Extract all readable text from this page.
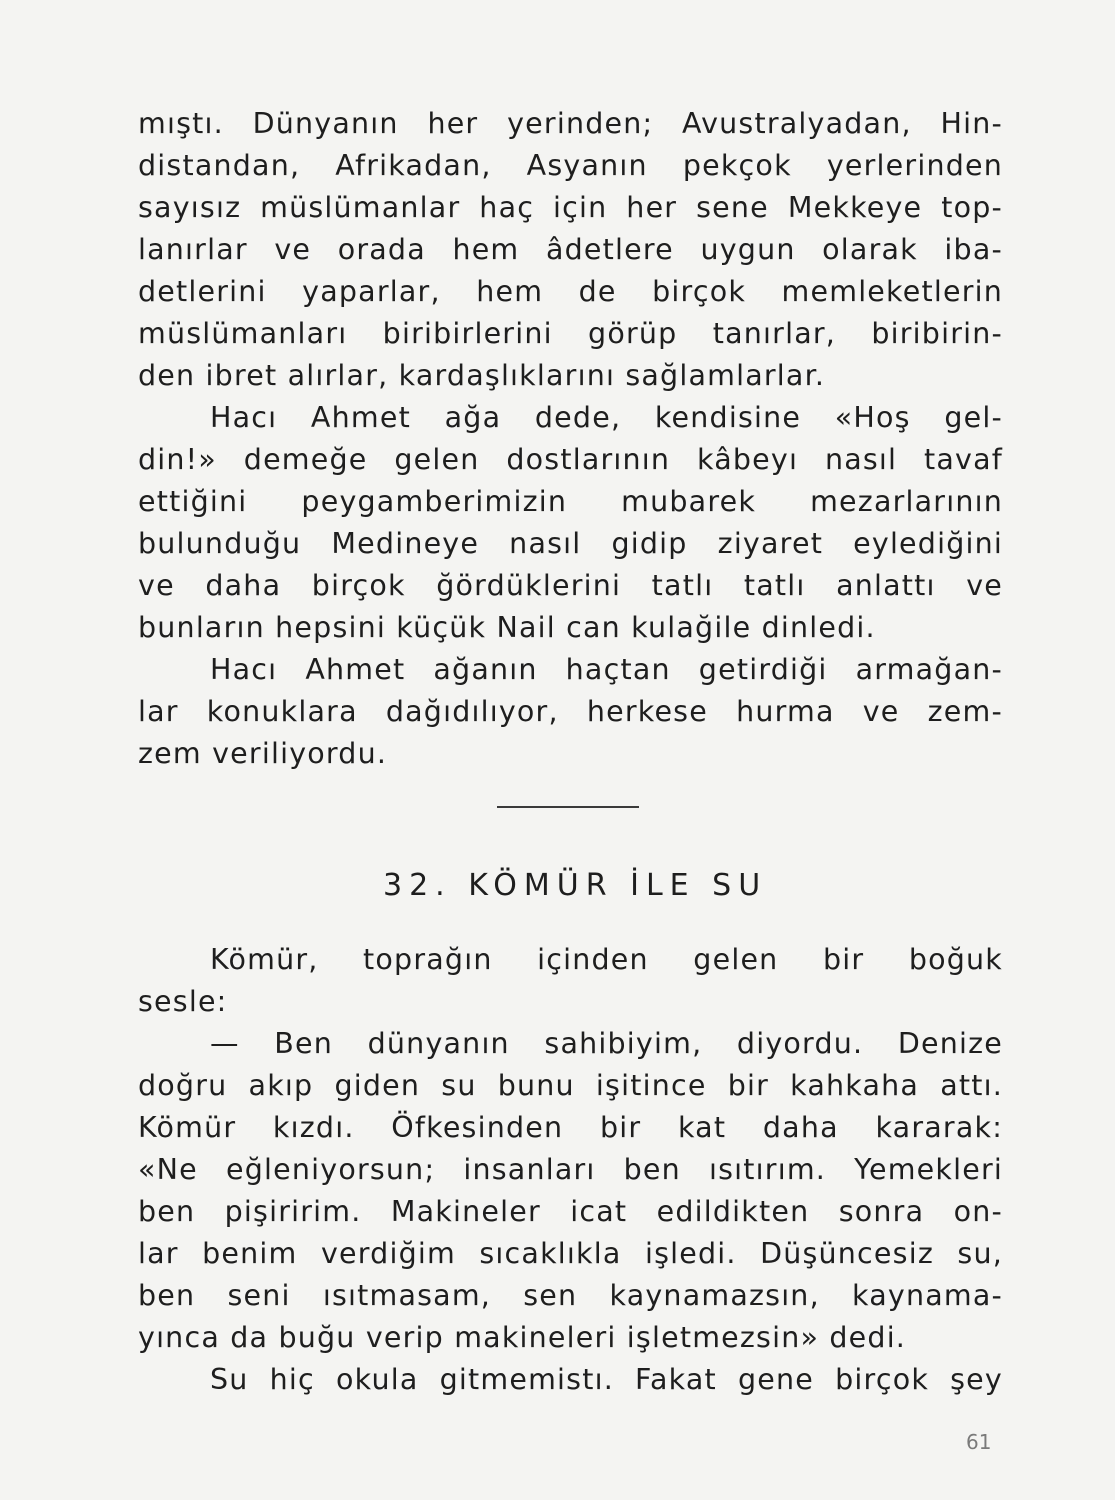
mıştı. Dünyanın her yerinden; Avustralyadan, Hin-
distandan, Afrikadan, Asyanın pekçok yerlerinden
sayısız müslümanlar haç için her sene Mekkeye top-
lanırlar ve orada hem âdetlere uygun olarak iba-
detlerini yaparlar, hem de birçok memleketlerin
müslümanları biribirlerini görüp tanırlar, biribirin-
den ibret alırlar, kardaşlıklarını sağlamlarlar.
Hacı Ahmet ağa dede, kendisine «Hoş gel-
din!» demeğe gelen dostlarının kâbeyı nasıl tavaf
ettiğini peygamberimizin mubarek mezarlarının
bulunduğu Medineye nasıl gidip ziyaret eylediğini
ve daha birçok ğördüklerini tatlı tatlı anlattı ve
bunların hepsini küçük Nail can kulağile dinledi.
Hacı Ahmet ağanın haçtan getirdiği armağan-
lar konuklara dağıdılıyor, herkese hurma ve zem-
zem veriliyordu.
32. KÖMÜR İLE SU
Kömür, toprağın içinden gelen bir boğuk
sesle:
— Ben dünyanın sahibiyim, diyordu. Denize
doğru akıp giden su bunu işitince bir kahkaha attı.
Kömür kızdı. Öfkesinden bir kat daha kararak:
«Ne eğleniyorsun; insanları ben ısıtırım. Yemekleri
ben pişiririm. Makineler icat edildikten sonra on-
lar benim verdiğim sıcaklıkla işledi. Düşüncesiz su,
ben seni ısıtmasam, sen kaynamazsın, kaynama-
yınca da buğu verip makineleri işletmezsin» dedi.
Su hiç okula gitmemistı. Fakat gene birçok şey
61
